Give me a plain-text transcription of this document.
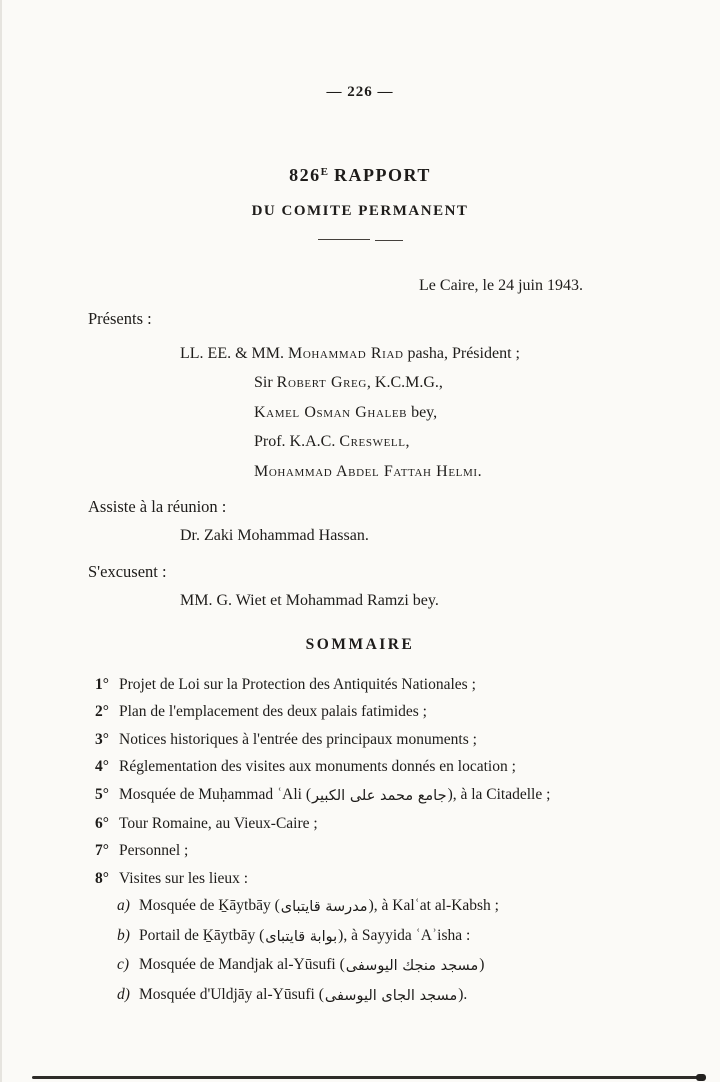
— 226 —
$826^E$ RAPPORT
DU COMITE PERMANENT
Le Caire, le 24 juin 1943.
Présents :
LL. EE. & MM. Mohammad Riad pasha, Président ;
Sir Robert Greg, K.C.M.G.,
Kamel Osman Ghaleb bey,
Prof. K.A.C. Creswell,
Mohammad Abdel Fattah Helmi.
Assiste à la réunion :
Dr. Zaki Mohammad Hassan.
S'excusent :
MM. G. Wiet et Mohammad Ramzi bey.
SOMMAIRE
1° Projet de Loi sur la Protection des Antiquités Nationales ;
2° Plan de l'emplacement des deux palais fatimides ;
3° Notices historiques à l'entrée des principaux monuments ;
4° Réglementation des visites aux monuments donnés en location ;
5° Mosquée de Muḥammad ʿAli (جامع محمد على الكبير), à la Citadelle ;
6° Tour Romaine, au Vieux-Caire ;
7° Personnel ;
8° Visites sur les lieux :
a) Mosquée de Ḵāytbāy (مدرسة قايتباى), à Kalʿat al-Kabsh ;
b) Portail de Ḵāytbāy (بوابة قايتباى), à Sayyida ʿAʾisha :
c) Mosquée de Mandjak al-Yūsufi (مسجد منجك اليوسفى)
d) Mosquée d'Uldjāy al-Yūsufi (مسجد الجاى اليوسفى).
